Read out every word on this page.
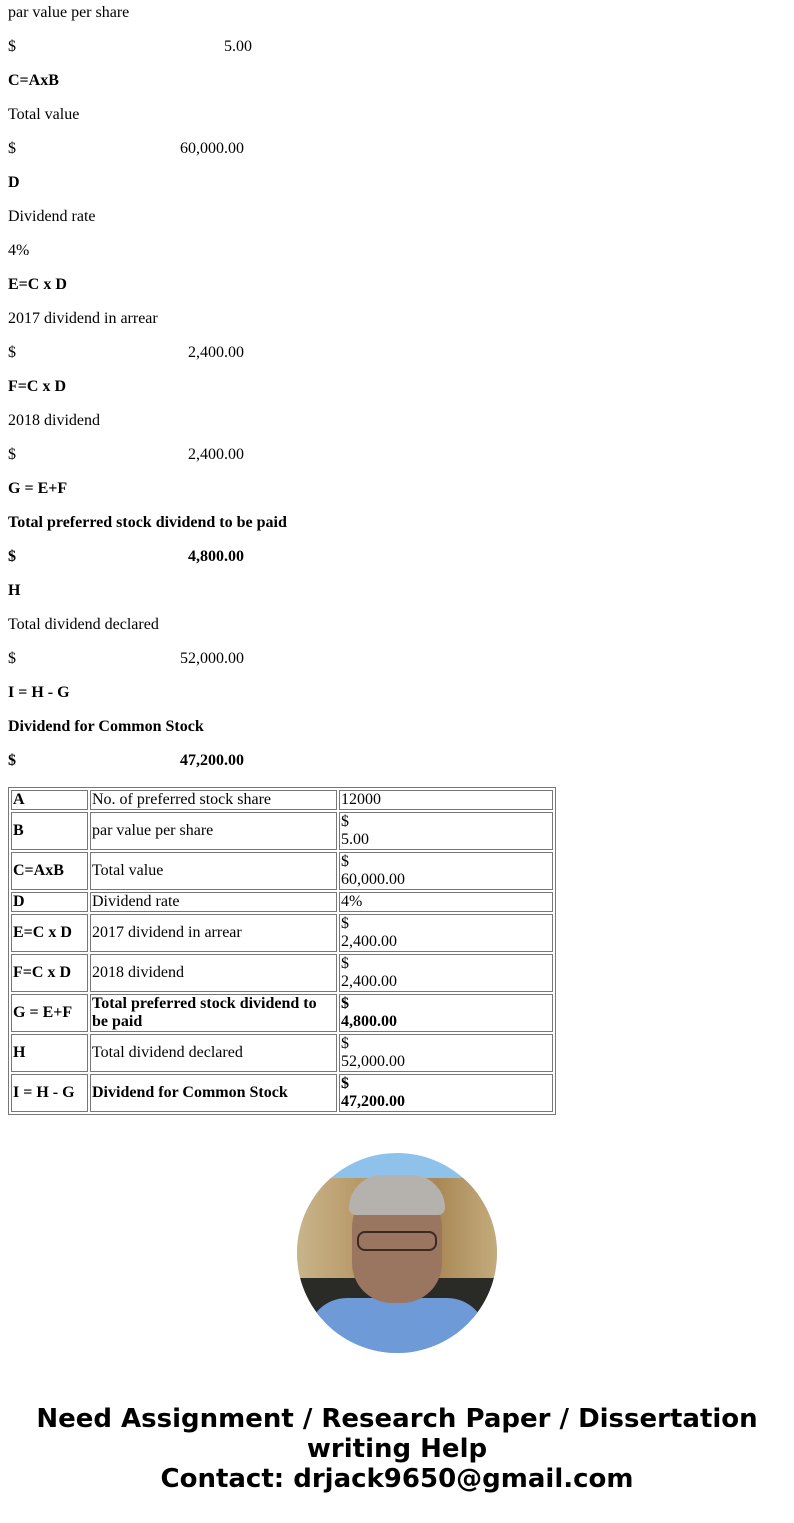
par value per share

$	5.00

C=AxB

Total value

$	60,000.00

D

Dividend rate

4%

E=C x D

2017 dividend in arrear

$	2,400.00

F=C x D

2018 dividend

$	2,400.00

G = E+F

Total preferred stock dividend to be paid

$	4,800.00

H

Total dividend declared

$	52,000.00

I = H - G

Dividend for Common Stock

$	47,200.00
A	No. of preferred stock share	12000

B	par value per share	$
5.00

C=AxB	Total value	$
60,000.00

D	Dividend rate	4%

E=C x D	2017 dividend in arrear	$
2,400.00

F=C x D	2018 dividend	$
2,400.00

G = E+F	Total preferred stock dividend to be paid	$
4,800.00

H	Total dividend declared	$
52,000.00

I = H - G	Dividend for Common Stock	$
47,200.00
Need Assignment / Research Paper / Dissertation
writing Help
Contact: drjack9650@gmail.com
